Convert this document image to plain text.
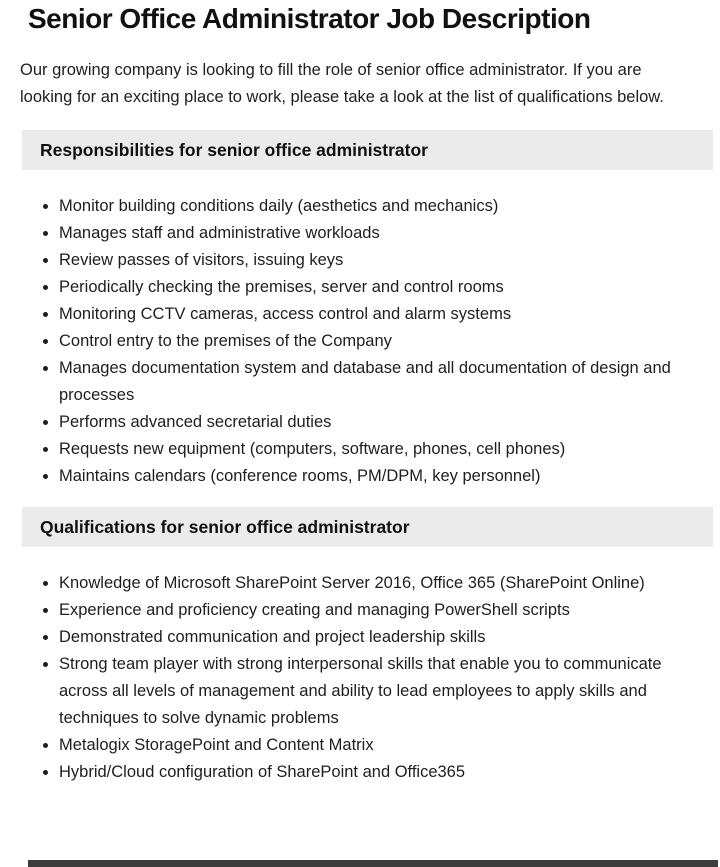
Senior Office Administrator Job Description

Our growing company is looking to fill the role of senior office administrator. If you are looking for an exciting place to work, please take a look at the list of qualifications below.

Responsibilities for senior office administrator
• Monitor building conditions daily (aesthetics and mechanics)
• Manages staff and administrative workloads
• Review passes of visitors, issuing keys
• Periodically checking the premises, server and control rooms
• Monitoring CCTV cameras, access control and alarm systems
• Control entry to the premises of the Company
• Manages documentation system and database and all documentation of design and processes
• Performs advanced secretarial duties
• Requests new equipment (computers, software, phones, cell phones)
• Maintains calendars (conference rooms, PM/DPM, key personnel)
Qualifications for senior office administrator
• Knowledge of Microsoft SharePoint Server 2016, Office 365 (SharePoint Online)
• Experience and proficiency creating and managing PowerShell scripts
• Demonstrated communication and project leadership skills
• Strong team player with strong interpersonal skills that enable you to communicate across all levels of management and ability to lead employees to apply skills and techniques to solve dynamic problems
• Metalogix StoragePoint and Content Matrix
• Hybrid/Cloud configuration of SharePoint and Office365
